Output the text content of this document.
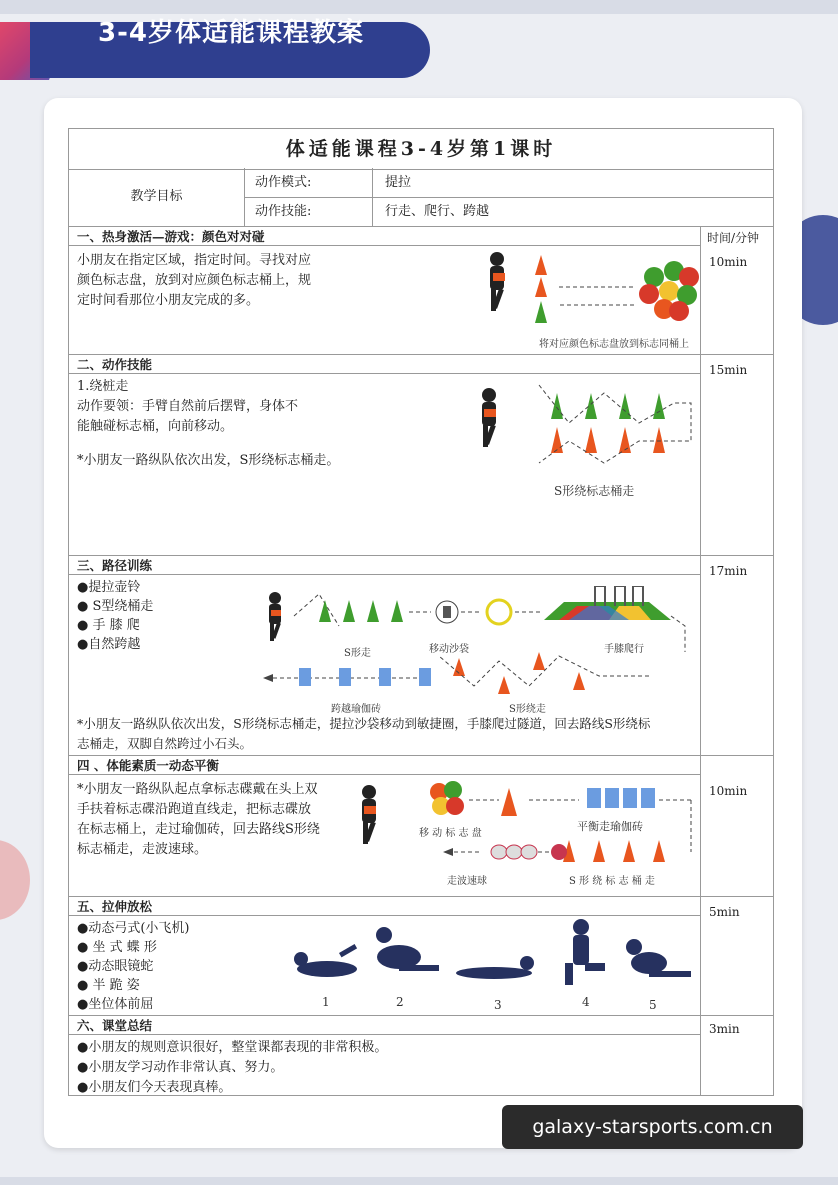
3-4岁体适能课程教案
体适能课程3-4岁第1课时
教学目标
动作模式:	提拉
动作技能:	行走、爬行、跨越
一、热身激活—游戏：颜色对对碰	时间/分钟
10min
小朋友在指定区域，指定时间。寻找对应
颜色标志盘，放到对应颜色标志桶上，规
定时间看那位小朋友完成的多。
将对应颜色标志盘放到标志同桶上
二、动作技能	15min
1.绕桩走
动作要领：手臂自然前后摆臂，身体不
能触碰标志桶，向前移动。
*小朋友一路纵队依次出发，S形绕标志桶走。
S形绕标志桶走
三、路径训练	17min
●提拉壶铃
● S型绕桶走
● 手 膝 爬
●自然跨越
S形走	移动沙袋	手膝爬行
跨越瑜伽砖	S形绕走
*小朋友一路纵队依次出发，S形绕标志桶走，提拉沙袋移动到敏捷圈，手膝爬过隧道，回去路线S形绕标
志桶走，双脚自然跨过小石头。
四 、体能素质一动态平衡
10min
*小朋友一路纵队起点拿标志碟戴在头上双
手扶着标志碟沿跑道直线走，把标志碟放
在标志桶上，走过瑜伽砖，回去路线S形绕
标志桶走，走波速球。
移 动 标 志 盘
平衡走瑜伽砖
走波速球	S 形 绕 标 志 桶 走
五、拉伸放松	5min
●动态弓式(小飞机)
● 坐 式 蝶 形
●动态眼镜蛇
● 半 跪 姿
●坐位体前屈	1	2	3	4	5
六、课堂总结	3min
●小朋友的规则意识很好，整堂课都表现的非常积极。
●小朋友学习动作非常认真、努力。
●小朋友们今天表现真棒。
galaxy-starsports.com.cn
